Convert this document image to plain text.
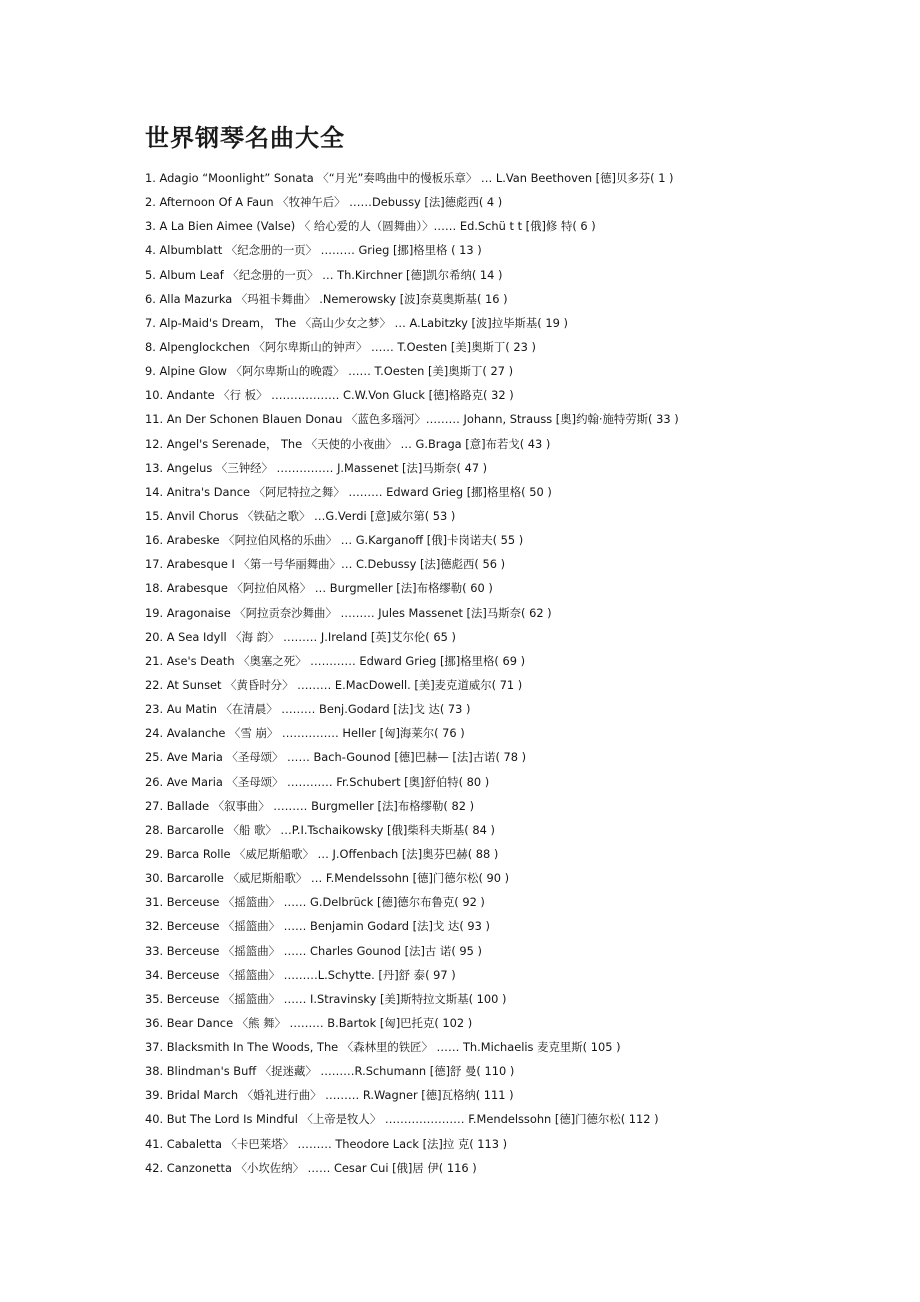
世界钢琴名曲大全
1. Adagio “Moonlight” Sonata 〈“月光”奏鸣曲中的慢板乐章〉 … L.Van Beethoven [德]贝多芬( 1 )
2. Afternoon Of A Faun 〈牧神午后〉 ……Debussy [法]德彪西( 4 )
3. A La Bien Aimee (Valse) 〈 给心爱的人（圆舞曲）〉…… Ed.Schü t t [俄]修 特( 6 )
4. Albumblatt 〈纪念册的一页〉 ……… Grieg [挪]格里格 ( 13 )
5. Album Leaf 〈纪念册的一页〉 … Th.Kirchner [德]凯尔希纳( 14 )
6. Alla Mazurka 〈玛祖卡舞曲〉 .Nemerowsky [波]奈莫奥斯基( 16 )
7. Alp-Maid's Dream， The 〈高山少女之梦〉 … A.Labitzky [波]拉毕斯基( 19 )
8. Alpenglockchen 〈阿尔卑斯山的钟声〉 …… T.Oesten [美]奥斯丁( 23 )
9. Alpine Glow 〈阿尔卑斯山的晚霞〉 …… T.Oesten [美]奥斯丁( 27 )
10. Andante 〈行 板〉 ……………… C.W.Von Gluck [德]格路克( 32 )
11. An Der Schonen Blauen Donau 〈蓝色多瑙河〉……… Johann, Strauss [奥]约翰·施特劳斯( 33 )
12. Angel's Serenade， The 〈天使的小夜曲〉 … G.Braga [意]布若戈( 43 )
13. Angelus 〈三钟经〉 …………… J.Massenet [法]马斯奈( 47 )
14. Anitra's Dance 〈阿尼特拉之舞〉 ……… Edward Grieg [挪]格里格( 50 )
15. Anvil Chorus 〈铁砧之歌〉 …G.Verdi [意]威尔第( 53 )
16. Arabeske 〈阿拉伯风格的乐曲〉 … G.Karganoff [俄]卡岗诺夫( 55 )
17. Arabesque I 〈第一号华丽舞曲〉… C.Debussy [法]德彪西( 56 )
18. Arabesque 〈阿拉伯风格〉 … Burgmeller [法]布格缪勒( 60 )
19. Aragonaise 〈阿拉贡奈沙舞曲〉 ……… Jules Massenet [法]马斯奈( 62 )
20. A Sea Idyll 〈海 韵〉 ……… J.Ireland [英]艾尔伦( 65 )
21. Ase's Death 〈奥塞之死〉 ………… Edward Grieg [挪]格里格( 69 )
22. At Sunset 〈黄昏时分〉 ……… E.MacDowell. [美]麦克道威尔( 71 )
23. Au Matin 〈在清晨〉 ……… Benj.Godard [法]戈 达( 73 )
24. Avalanche 〈雪 崩〉 …………… Heller [匈]海莱尔( 76 )
25. Ave Maria 〈圣母颂〉 …… Bach-Gounod [德]巴赫— [法]古诺( 78 )
26. Ave Maria 〈圣母颂〉 ………… Fr.Schubert [奥]舒伯特( 80 )
27. Ballade 〈叙事曲〉 ……… Burgmeller [法]布格缪勒( 82 )
28. Barcarolle 〈船 歌〉 …P.I.Tschaikowsky [俄]柴科夫斯基( 84 )
29. Barca Rolle 〈威尼斯船歌〉 … J.Offenbach [法]奥芬巴赫( 88 )
30. Barcarolle 〈威尼斯船歌〉 … F.Mendelssohn [德]门德尔松( 90 )
31. Berceuse 〈摇篮曲〉 …… G.Delbrück [德]德尔布鲁克( 92 )
32. Berceuse 〈摇篮曲〉 …… Benjamin Godard [法]戈 达( 93 )
33. Berceuse 〈摇篮曲〉 …… Charles Gounod [法]古 诺( 95 )
34. Berceuse 〈摇篮曲〉 ………L.Schytte. [丹]舒 泰( 97 )
35. Berceuse 〈摇篮曲〉 …… I.Stravinsky [美]斯特拉文斯基( 100 )
36. Bear Dance 〈熊 舞〉 ……… B.Bartok [匈]巴托克( 102 )
37. Blacksmith In The Woods, The 〈森林里的铁匠〉 …… Th.Michaelis 麦克里斯( 105 )
38. Blindman's Buff 〈捉迷藏〉 ………R.Schumann [德]舒 曼( 110 )
39. Bridal March 〈婚礼进行曲〉 ……… R.Wagner [德]瓦格纳( 111 )
40. But The Lord Is Mindful 〈上帝是牧人〉 ………………… F.Mendelssohn [德]门德尔松( 112 )
41. Cabaletta 〈卡巴莱塔〉 ……… Theodore Lack [法]拉 克( 113 )
42. Canzonetta 〈小坎佐纳〉 …… Cesar Cui [俄]居 伊( 116 )
